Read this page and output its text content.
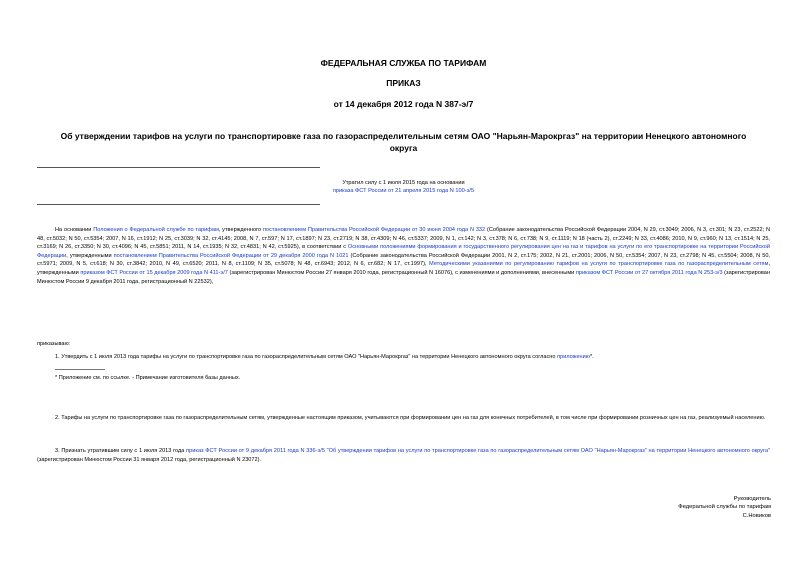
ФЕДЕРАЛЬНАЯ СЛУЖБА ПО ТАРИФАМ
ПРИКАЗ
от 14 декабря 2012 года N 387-э/7
Об утверждении тарифов на услуги по транспортировке газа по газораспределительным сетям ОАО "Нарьян-Марокргаз" на территории Ненецкого автономного
округа
Утратил силу с 1 июля 2015 года на основании
приказа ФСТ России от 21 апреля 2015 года N 100-э/5
На основании Положения о Федеральной службе по тарифам, утвержденного постановлением Правительства Российской Федерации от 30 июня 2004 года N 332 (Собрание законодательства Российской Федерации 2004, N 29, ст.3049; 2006, N 3, ст.301; N 23, ст.2522; N 48, ст.5032; N 50, ст.5354; 2007, N 16, ст.1912; N 25, ст.3039; N 32, ст.4145; 2008, N 7, ст.597; N 17, ст.1897; N 23, ст.2719; N 38, ст.4309; N 46, ст.5337; 2009, N 1, ст.142; N 3, ст.378; N 6, ст.738; N 9, ст.1119; N 18 (часть 2), ст.2249; N 33, ст.4086; 2010, N 9, ст.960; N 13, ст.1514; N 25, ст.3169; N 26, ст.3350; N 30, ст.4096; N 45, ст.5851; 2011, N 14, ст.1935; N 32, ст.4831; N 42, ст.5925), в соответствии с Основными положениями формирования и государственного регулирования цен на газ и тарифов на услуги по его транспортировке на территории Российской Федерации, утвержденными постановлением Правительства Российской Федерации от 29 декабря 2000 года N 1021 (Собрание законодательства Российской Федерации 2001, N 2, ст.175; 2002, N 21, ст.2001; 2006, N 50, ст.5354; 2007, N 23, ст.2798; N 45, ст.5504; 2008, N 50, ст.5971; 2009, N 5, ст.618; N 30, ст.3842; 2010, N 49, ст.6520; 2011, N 8, ст.1109; N 35, ст.5078; N 48, ст.6943; 2012, N 6, ст.682; N 17, ст.1997), Методическими указаниями по регулированию тарифов на услуги по транспортировке газа по газораспределительным сетям, утвержденными приказом ФСТ России от 15 декабря 2009 года N 411-э/7 (зарегистрирован Минюстом России 27 января 2010 года, регистрационный N 16076), с изменениями и дополнениями, внесенными приказом ФСТ России от 27 октября 2011 года N 253-э/3 (зарегистрирован Минюстом России 9 декабря 2011 года, регистрационный N 22532),
приказываю:
1. Утвердить с 1 июля 2013 года тарифы на услуги по транспортировке газа по газораспределительным сетям ОАО "Нарьян-Марокргаз" на территории Ненецкого автономного округа согласно приложению*.
* Приложение см. по ссылке. - Примечание изготовителя базы данных.
2. Тарифы на услуги по транспортировке газа по газораспределительным сетям, утвержденные настоящим приказом, учитываются при формировании цен на газ для конечных потребителей, в том числе при формировании розничных цен на газ, реализуемый населению.
3. Признать утратившим силу с 1 июля 2013 года приказ ФСТ России от 9 декабря 2011 года N 336-э/5 "Об утверждении тарифов на услуги по транспортировке газа по газораспределительным сетям ОАО "Нарьян-Марокргаз" на территории Ненецкого автономного округа" (зарегистрирован Минюстом России 31 января 2012 года, регистрационный N 23072).
Руководитель
Федеральной службы по тарифам
С.Новиков
